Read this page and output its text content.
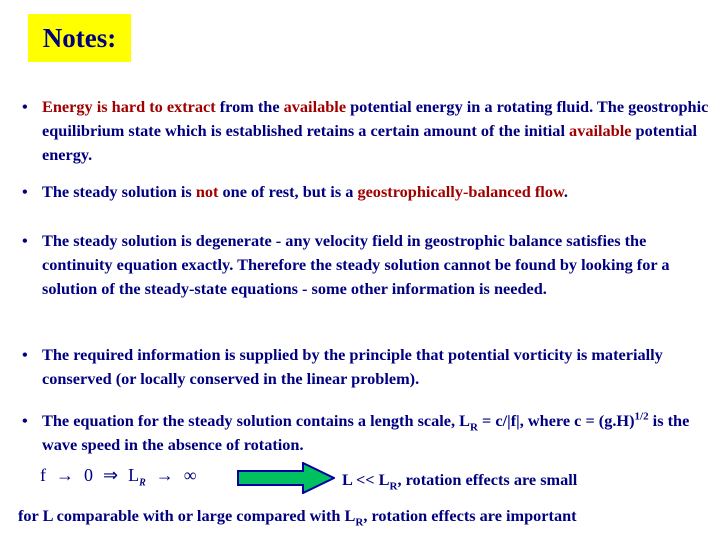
Notes:
• Energy is hard to extract from the available potential energy in a rotating fluid. The geostrophic equilibrium state which is established retains a certain amount of the initial available potential energy.
• The steady solution is not one of rest, but is a geostrophically-balanced flow.
• The steady solution is degenerate - any velocity field in geostrophic balance satisfies the continuity equation exactly. Therefore the steady solution cannot be found by looking for a solution of the steady-state equations - some other information is needed.
• The required information is supplied by the principle that potential vorticity is materially conserved (or locally conserved in the linear problem).
• The equation for the steady solution contains a length scale, $L_R = c/|f|$, where $c = (g.H)^{1/2}$ is the wave speed in the absence of rotation.
f → 0 ⇒ $L_R$ → ∞	$L << L_R$, rotation effects are small
for L comparable with or large compared with $L_R$, rotation effects are important
